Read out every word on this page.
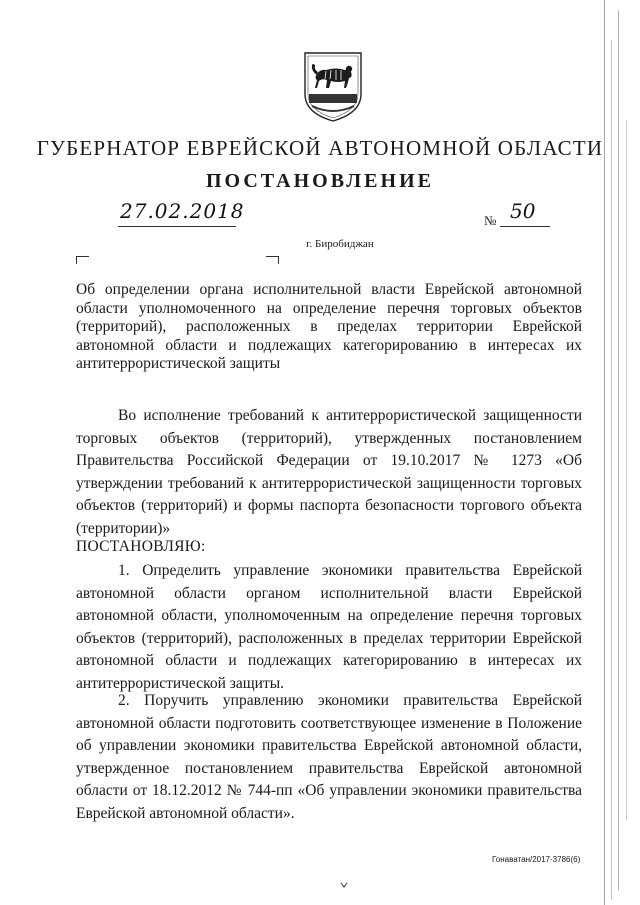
ГУБЕРНАТОР ЕВРЕЙСКОЙ АВТОНОМНОЙ ОБЛАСТИ
ПОСТАНОВЛЕНИЕ
27.02.2018	№ 50
г. Биробиджан

Об определении органа исполнительной власти Еврейской автономной области уполномоченного на определение перечня торговых объектов (территорий), расположенных в пределах территории Еврейской автономной области и подлежащих категорированию в интересах их антитеррористической защиты

Во исполнение требований к антитеррористической защищенности торговых объектов (территорий), утвержденных постановлением Правительства Российской Федерации от 19.10.2017 № 1273 «Об утверждении требований к антитеррористической защищенности торговых объектов (территорий) и формы паспорта безопасности торгового объекта (территории)»

ПОСТАНОВЛЯЮ:

1. Определить управление экономики правительства Еврейской автономной области органом исполнительной власти Еврейской автономной области, уполномоченным на определение перечня торговых объектов (территорий), расположенных в пределах территории Еврейской автономной области и подлежащих категорированию в интересах их антитеррористической защиты.

2. Поручить управлению экономики правительства Еврейской автономной области подготовить соответствующее изменение в Положение об управлении экономики правительства Еврейской автономной области, утвержденное постановлением правительства Еврейской автономной области от 18.12.2012 № 744-пп «Об управлении экономики правительства Еврейской автономной области».

Гонаватан/2017-3786(6)
